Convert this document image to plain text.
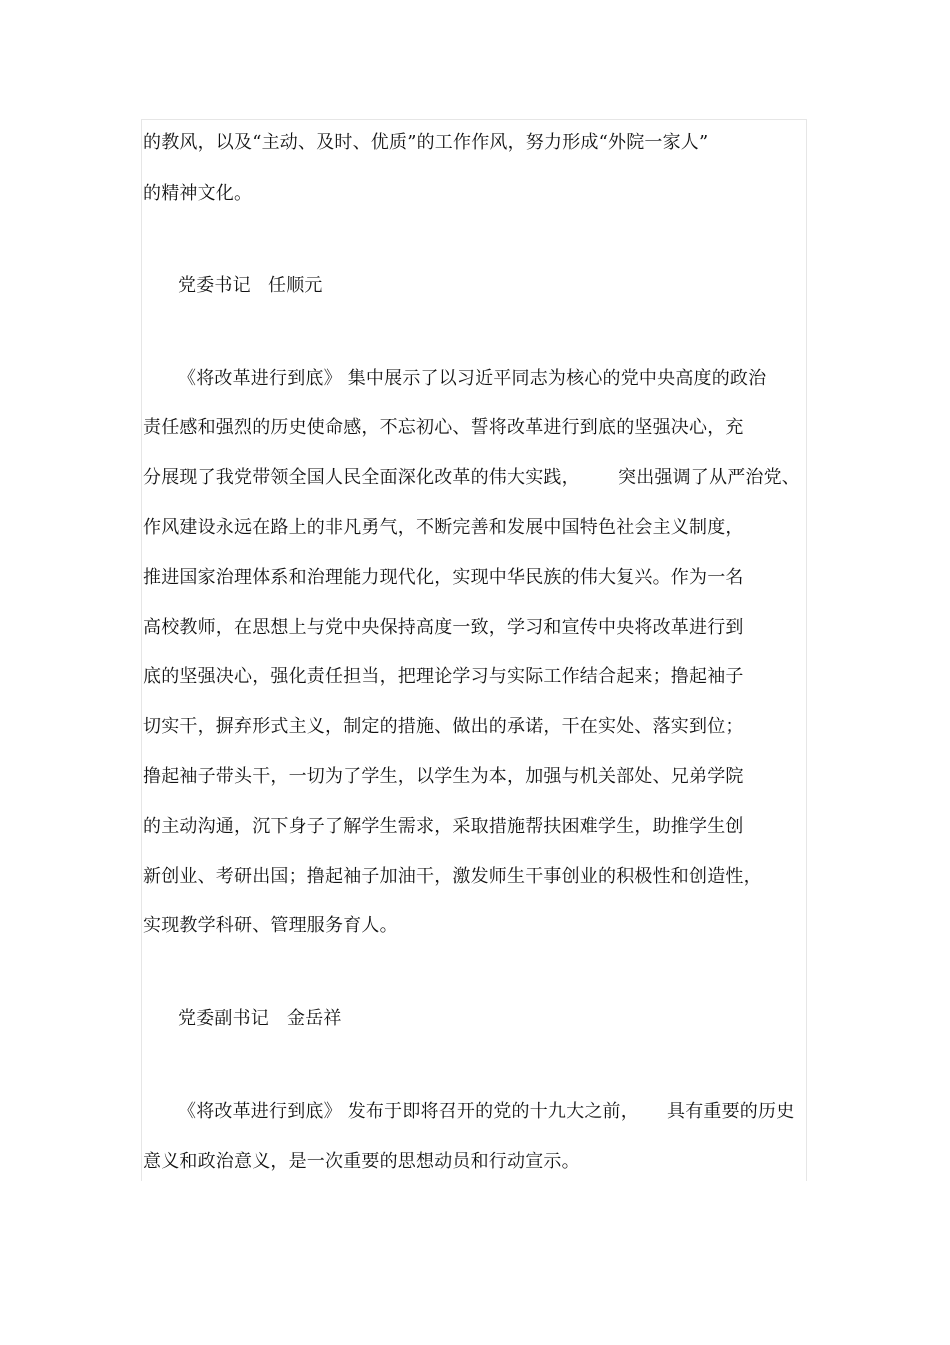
的教风，以及“主动、及时、优质”的工作作风，努力形成“外院一家人”
的精神文化。
党委书记 任顺元
《将改革进行到底》 集中展示了以习近平同志为核心的党中央高度的政治
责任感和强烈的历史使命感，不忘初心、誓将改革进行到底的坚强决心，充
分展现了我党带领全国人民全面深化改革的伟大实践， 突出强调了从严治党、
作风建设永远在路上的非凡勇气，不断完善和发展中国特色社会主义制度，
推进国家治理体系和治理能力现代化，实现中华民族的伟大复兴。作为一名
高校教师，在思想上与党中央保持高度一致，学习和宣传中央将改革进行到
底的坚强决心，强化责任担当，把理论学习与实际工作结合起来；撸起袖子
切实干，摒弃形式主义，制定的措施、做出的承诺，干在实处、落实到位；
撸起袖子带头干，一切为了学生，以学生为本，加强与机关部处、兄弟学院
的主动沟通，沉下身子了解学生需求，采取措施帮扶困难学生，助推学生创
新创业、考研出国；撸起袖子加油干，激发师生干事创业的积极性和创造性，
实现教学科研、管理服务育人。
党委副书记 金岳祥
《将改革进行到底》 发布于即将召开的党的十九大之前， 具有重要的历史
意义和政治意义，是一次重要的思想动员和行动宣示。
